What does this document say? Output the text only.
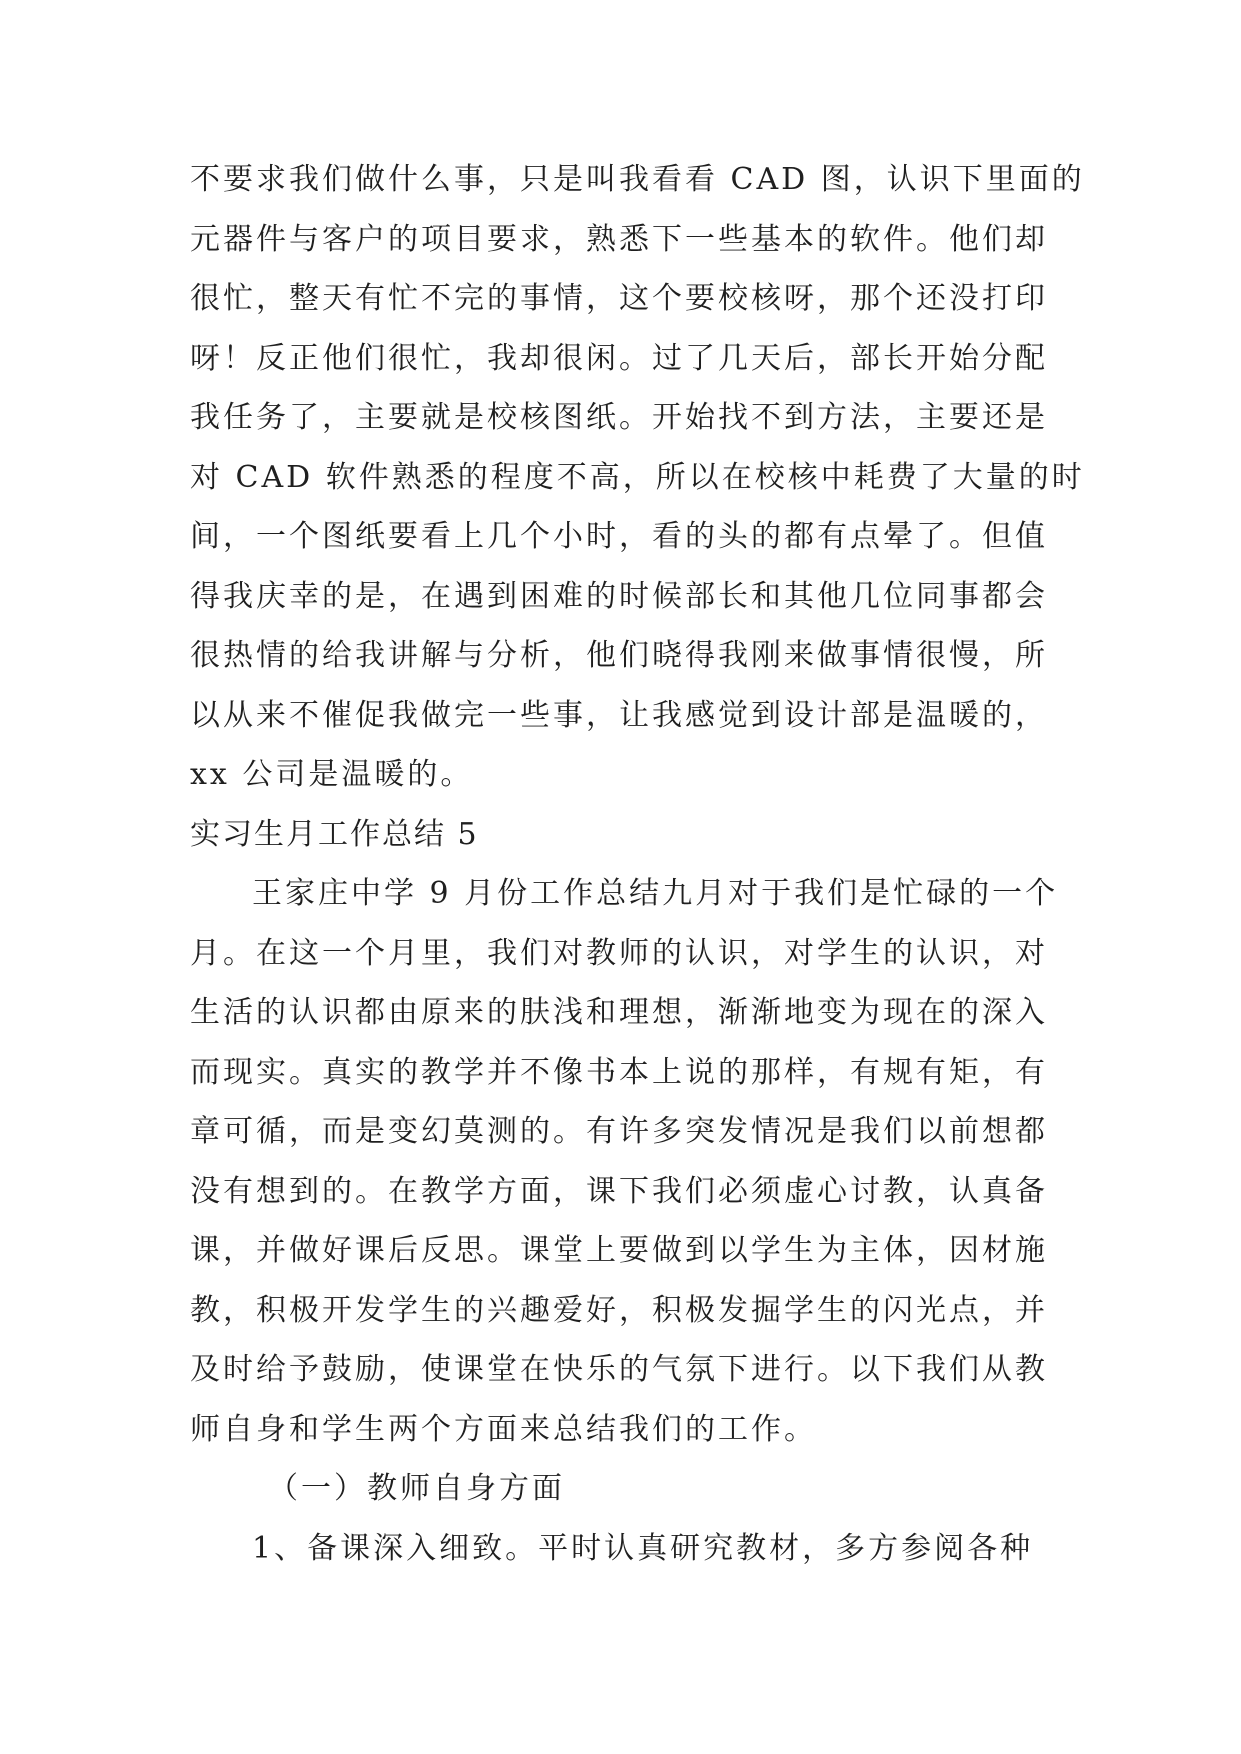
不要求我们做什么事，只是叫我看看 CAD 图，认识下里面的
元器件与客户的项目要求，熟悉下一些基本的软件。他们却
很忙，整天有忙不完的事情，这个要校核呀，那个还没打印
呀！反正他们很忙，我却很闲。过了几天后，部长开始分配
我任务了，主要就是校核图纸。开始找不到方法，主要还是
对 CAD 软件熟悉的程度不高，所以在校核中耗费了大量的时
间，一个图纸要看上几个小时，看的头的都有点晕了。但值
得我庆幸的是，在遇到困难的时候部长和其他几位同事都会
很热情的给我讲解与分析，他们晓得我刚来做事情很慢，所
以从来不催促我做完一些事，让我感觉到设计部是温暖的，
xx 公司是温暖的。
实习生月工作总结 5
王家庄中学 9 月份工作总结九月对于我们是忙碌的一个
月。在这一个月里，我们对教师的认识，对学生的认识，对
生活的认识都由原来的肤浅和理想，渐渐地变为现在的深入
而现实。真实的教学并不像书本上说的那样，有规有矩，有
章可循，而是变幻莫测的。有许多突发情况是我们以前想都
没有想到的。在教学方面，课下我们必须虚心讨教，认真备
课，并做好课后反思。课堂上要做到以学生为主体，因材施
教，积极开发学生的兴趣爱好，积极发掘学生的闪光点，并
及时给予鼓励，使课堂在快乐的气氛下进行。以下我们从教
师自身和学生两个方面来总结我们的工作。
（一）教师自身方面
1、备课深入细致。平时认真研究教材，多方参阅各种
